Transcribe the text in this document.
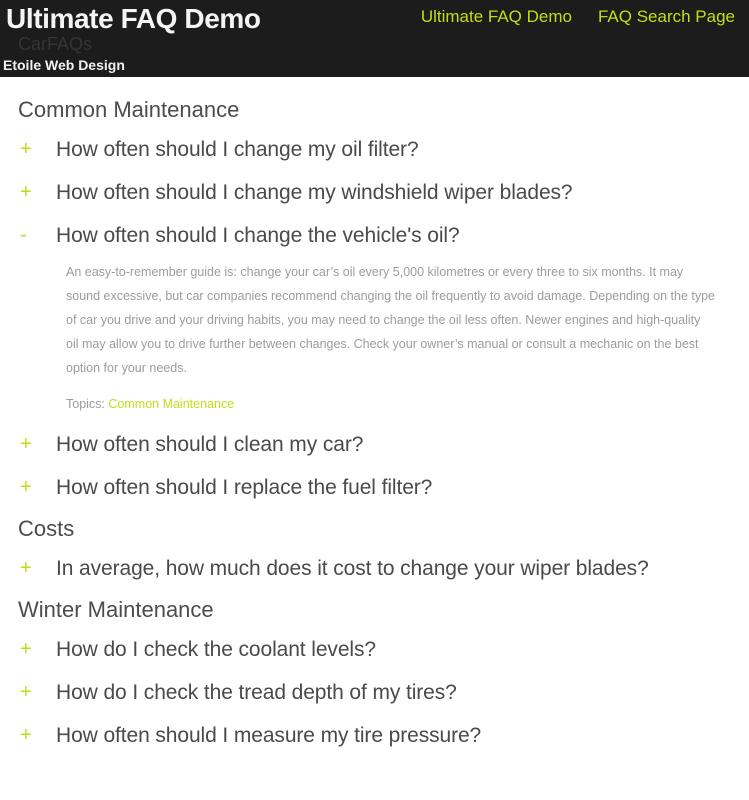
Ultimate FAQ Demo
CarFAQs
Etoile Web Design
Ultimate FAQ Demo FAQ Search Page
Common Maintenance
+	How often should I change my oil filter?
+	How often should I change my windshield wiper blades?
-	How often should I change the vehicle's oil?

An easy-to-remember guide is: change your car’s oil every 5,000 kilometres or every three to six months. It may sound excessive, but car companies recommend changing the oil frequently to avoid damage. Depending on the type of car you drive and your driving habits, you may need to change the oil less often. Newer engines and high-quality oil may allow you to drive further between changes. Check your owner’s manual or consult a mechanic on the best option for your needs.

Topics: Common Maintenance
+	How often should I clean my car?
+	How often should I replace the fuel filter?
Costs
+	In average, how much does it cost to change your wiper blades?
Winter Maintenance
+	How do I check the coolant levels?
+	How do I check the tread depth of my tires?
+	How often should I measure my tire pressure?
